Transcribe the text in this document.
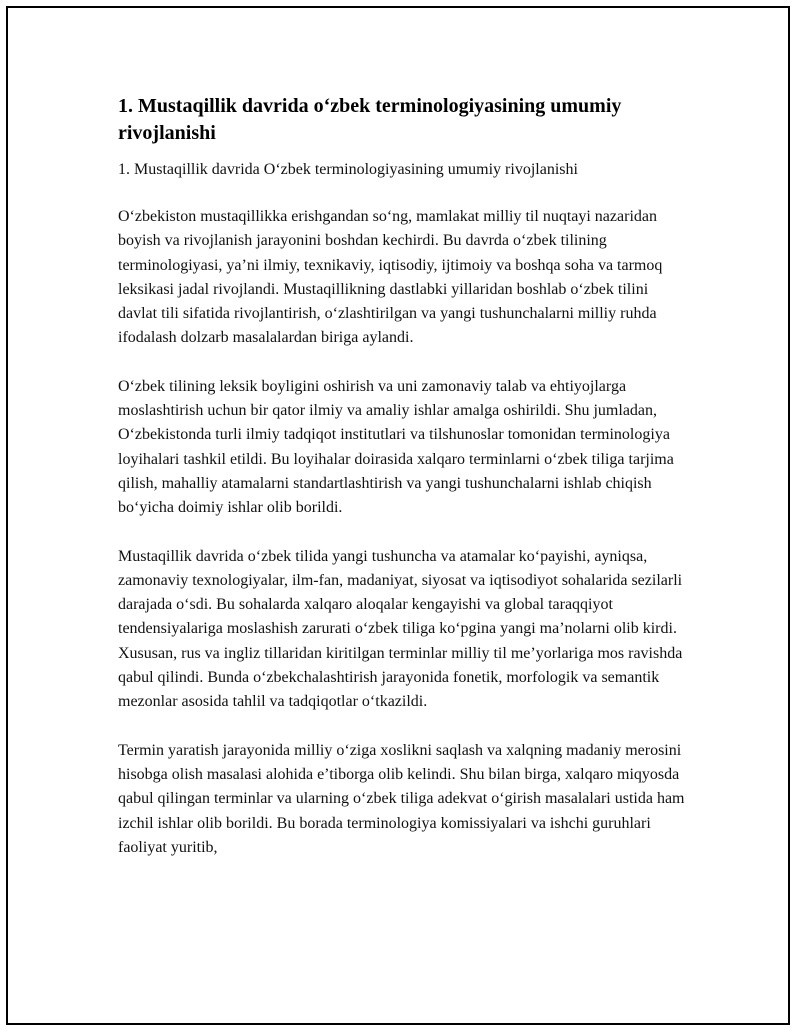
1. Mustaqillik davrida o‘zbek terminologiyasining umumiy rivojlanishi
1. Mustaqillik davrida O‘zbek terminologiyasining umumiy rivojlanishi

O‘zbekiston mustaqillikka erishgandan so‘ng, mamlakat milliy til nuqtayi nazaridan boyish va rivojlanish jarayonini boshdan kechirdi. Bu davrda o‘zbek tilining terminologiyasi, ya’ni ilmiy, texnikaviy, iqtisodiy, ijtimoiy va boshqa soha va tarmoq leksikasi jadal rivojlandi. Mustaqillikning dastlabki yillaridan boshlab o‘zbek tilini davlat tili sifatida rivojlantirish, o‘zlashtirilgan va yangi tushunchalarni milliy ruhda ifodalash dolzarb masalalardan biriga aylandi.

O‘zbek tilining leksik boyligini oshirish va uni zamonaviy talab va ehtiyojlarga moslashtirish uchun bir qator ilmiy va amaliy ishlar amalga oshirildi. Shu jumladan, O‘zbekistonda turli ilmiy tadqiqot institutlari va tilshunoslar tomonidan terminologiya loyihalari tashkil etildi. Bu loyihalar doirasida xalqaro terminlarni o‘zbek tiliga tarjima qilish, mahalliy atamalarni standartlashtirish va yangi tushunchalarni ishlab chiqish bo‘yicha doimiy ishlar olib borildi.

Mustaqillik davrida o‘zbek tilida yangi tushuncha va atamalar ko‘payishi, ayniqsa, zamonaviy texnologiyalar, ilm-fan, madaniyat, siyosat va iqtisodiyot sohalarida sezilarli darajada o‘sdi. Bu sohalarda xalqaro aloqalar kengayishi va global taraqqiyot tendensiyalariga moslashish zarurati o‘zbek tiliga ko‘pgina yangi ma’nolarni olib kirdi. Xususan, rus va ingliz tillaridan kiritilgan terminlar milliy til me’yorlariga mos ravishda qabul qilindi. Bunda o‘zbekchalashtirish jarayonida fonetik, morfologik va semantik mezonlar asosida tahlil va tadqiqotlar o‘tkazildi.

Termin yaratish jarayonida milliy o‘ziga xoslikni saqlash va xalqning madaniy merosini hisobga olish masalasi alohida e’tiborga olib kelindi. Shu bilan birga, xalqaro miqyosda qabul qilingan terminlar va ularning o‘zbek tiliga adekvat o‘girish masalalari ustida ham izchil ishlar olib borildi. Bu borada terminologiya komissiyalari va ishchi guruhlari faoliyat yuritib,
